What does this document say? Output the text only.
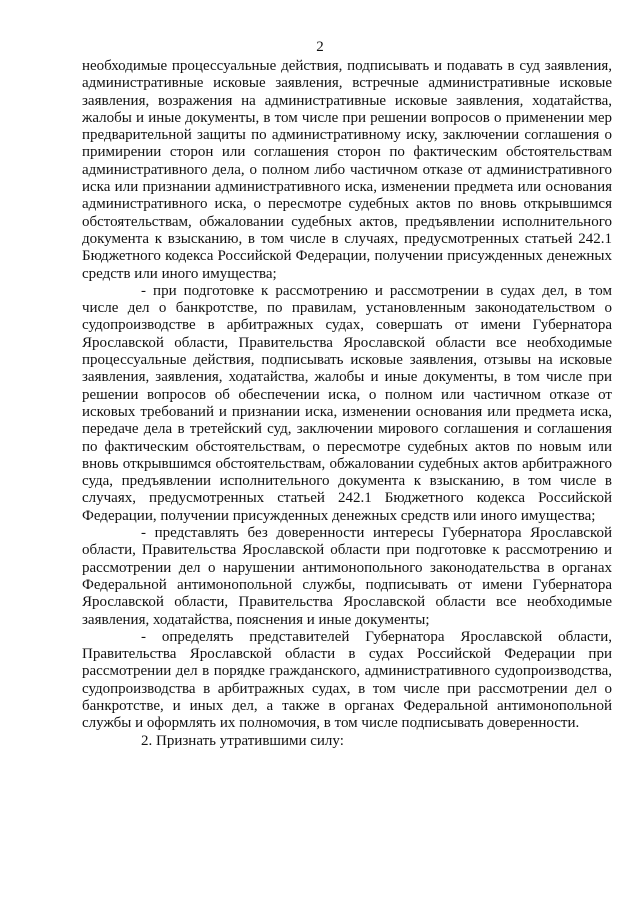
2

необходимые процессуальные действия, подписывать и подавать в суд заявления, административные исковые заявления, встречные административные исковые заявления, возражения на административные исковые заявления, ходатайства, жалобы и иные документы, в том числе при решении вопросов о применении мер предварительной защиты по административному иску, заключении соглашения о примирении сторон или соглашения сторон по фактическим обстоятельствам административного дела, о полном либо частичном отказе от административного иска или признании административного иска, изменении предмета или основания административного иска, о пересмотре судебных актов по вновь открывшимся обстоятельствам, обжаловании судебных актов, предъявлении исполнительного документа к взысканию, в том числе в случаях, предусмотренных статьей 242.1 Бюджетного кодекса Российской Федерации, получении присужденных денежных средств или иного имущества;

- при подготовке к рассмотрению и рассмотрении в судах дел, в том числе дел о банкротстве, по правилам, установленным законодательством о судопроизводстве в арбитражных судах, совершать от имени Губернатора Ярославской области, Правительства Ярославской области все необходимые процессуальные действия, подписывать исковые заявления, отзывы на исковые заявления, заявления, ходатайства, жалобы и иные документы, в том числе при решении вопросов об обеспечении иска, о полном или частичном отказе от исковых требований и признании иска, изменении основания или предмета иска, передаче дела в третейский суд, заключении мирового соглашения и соглашения по фактическим обстоятельствам, о пересмотре судебных актов по новым или вновь открывшимся обстоятельствам, обжаловании судебных актов арбитражного суда, предъявлении исполнительного документа к взысканию, в том числе в случаях, предусмотренных статьей 242.1 Бюджетного кодекса Российской Федерации, получении присужденных денежных средств или иного имущества;

- представлять без доверенности интересы Губернатора Ярославской области, Правительства Ярославской области при подготовке к рассмотрению и рассмотрении дел о нарушении антимонопольного законодательства в органах Федеральной антимонопольной службы, подписывать от имени Губернатора Ярославской области, Правительства Ярославской области все необходимые заявления, ходатайства, пояснения и иные документы;

- определять представителей Губернатора Ярославской области, Правительства Ярославской области в судах Российской Федерации при рассмотрении дел в порядке гражданского, административного судопроизводства, судопроизводства в арбитражных судах, в том числе при рассмотрении дел о банкротстве, и иных дел, а также в органах Федеральной антимонопольной службы и оформлять их полномочия, в том числе подписывать доверенности.

2. Признать утратившими силу:
